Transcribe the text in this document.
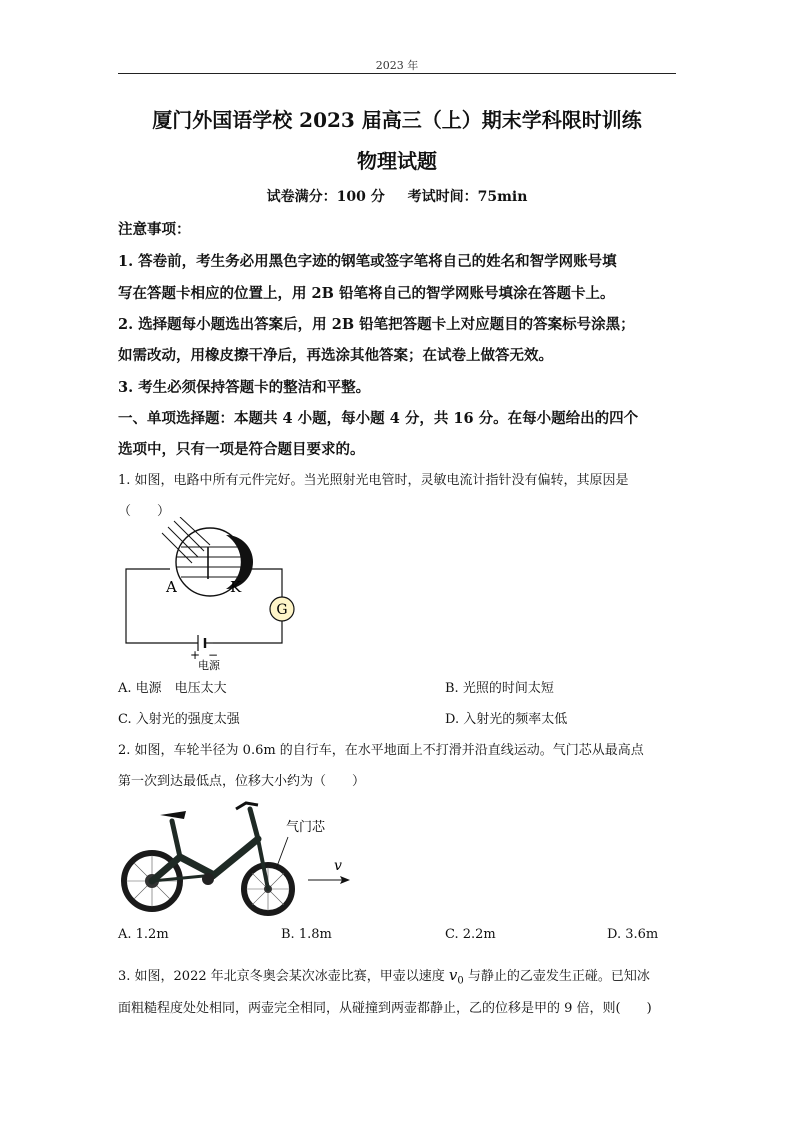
2023 年
厦门外国语学校 2023 届高三（上）期末学科限时训练
物理试题
试卷满分：100 分 考试时间：75min
注意事项：
1. 答卷前，考生务必用黑色字迹的钢笔或签字笔将自己的姓名和智学网账号填
写在答题卡相应的位置上，用 2B 铅笔将自己的智学网账号填涂在答题卡上。
2. 选择题每小题选出答案后，用 2B 铅笔把答题卡上对应题目的答案标号涂黑；
如需改动，用橡皮擦干净后，再选涂其他答案；在试卷上做答无效。
3. 考生必须保持答题卡的整洁和平整。
一、单项选择题：本题共 4 小题，每小题 4 分，共 16 分。在每小题给出的四个
选项中，只有一项是符合题目要求的。
1. 如图，电路中所有元件完好。当光照射光电管时，灵敏电流计指针没有偏转，其原因是
（　　）
G
A	K
+ −
电源
A. 电源　电压太大	B. 光照的时间太短
C. 入射光的强度太强	D. 入射光的频率太低
2. 如图，车轮半径为 0.6m 的自行车，在水平地面上不打滑并沿直线运动。气门芯从最高点
第一次到达最低点，位移大小约为（　　）
气门芯
v
A. 1.2m	B. 1.8m	C. 2.2m	D. 3.6m
3. 如图，2022 年北京冬奥会某次冰壶比赛，甲壶以速度 $v_0$ 与静止的乙壶发生正碰。已知冰
面粗糙程度处处相同，两壶完全相同，从碰撞到两壶都静止，乙的位移是甲的 9 倍，则(　　)
